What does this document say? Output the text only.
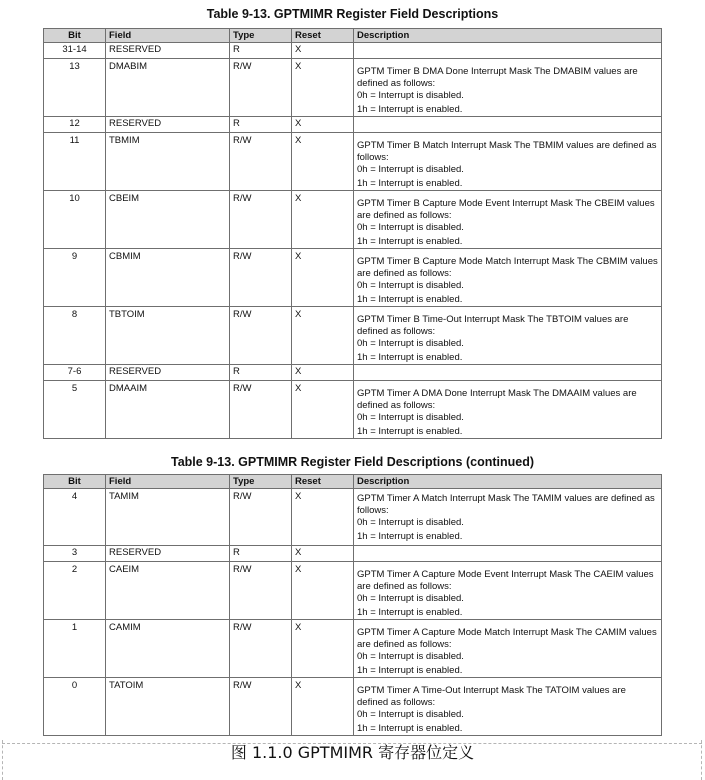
Table 9-13. GPTMIMR Register Field Descriptions
Bit	Field	Type	Reset	Description
31-14	RESERVED	R	X	
13	DMABIM	R/W	X	GPTM Timer B DMA Done Interrupt Mask The DMABIM values are defined as follows:
0h = Interrupt is disabled.
1h = Interrupt is enabled.

12	RESERVED	R	X	
11	TBMIM	R/W	X	GPTM Timer B Match Interrupt Mask The TBMIM values are defined as follows:
0h = Interrupt is disabled.
1h = Interrupt is enabled.

10	CBEIM	R/W	X	GPTM Timer B Capture Mode Event Interrupt Mask The CBEIM values are defined as follows:
0h = Interrupt is disabled.
1h = Interrupt is enabled.

9	CBMIM	R/W	X	GPTM Timer B Capture Mode Match Interrupt Mask The CBMIM values are defined as follows:
0h = Interrupt is disabled.
1h = Interrupt is enabled.

8	TBTOIM	R/W	X	GPTM Timer B Time-Out Interrupt Mask The TBTOIM values are defined as follows:
0h = Interrupt is disabled.
1h = Interrupt is enabled.

7-6	RESERVED	R	X	
5	DMAAIM	R/W	X	GPTM Timer A DMA Done Interrupt Mask The DMAAIM values are defined as follows:
0h = Interrupt is disabled.
1h = Interrupt is enabled.
Table 9-13. GPTMIMR Register Field Descriptions (continued)
Bit	Field	Type	Reset	Description
4	TAMIM	R/W	X	GPTM Timer A Match Interrupt Mask The TAMIM values are defined as follows:
0h = Interrupt is disabled.
1h = Interrupt is enabled.

3	RESERVED	R	X	
2	CAEIM	R/W	X	GPTM Timer A Capture Mode Event Interrupt Mask The CAEIM values are defined as follows:
0h = Interrupt is disabled.
1h = Interrupt is enabled.

1	CAMIM	R/W	X	GPTM Timer A Capture Mode Match Interrupt Mask The CAMIM values are defined as follows:
0h = Interrupt is disabled.
1h = Interrupt is enabled.

0	TATOIM	R/W	X	GPTM Timer A Time-Out Interrupt Mask The TATOIM values are defined as follows:
0h = Interrupt is disabled.
1h = Interrupt is enabled.
图 1.1.0 GPTMIMR 寄存器位定义
